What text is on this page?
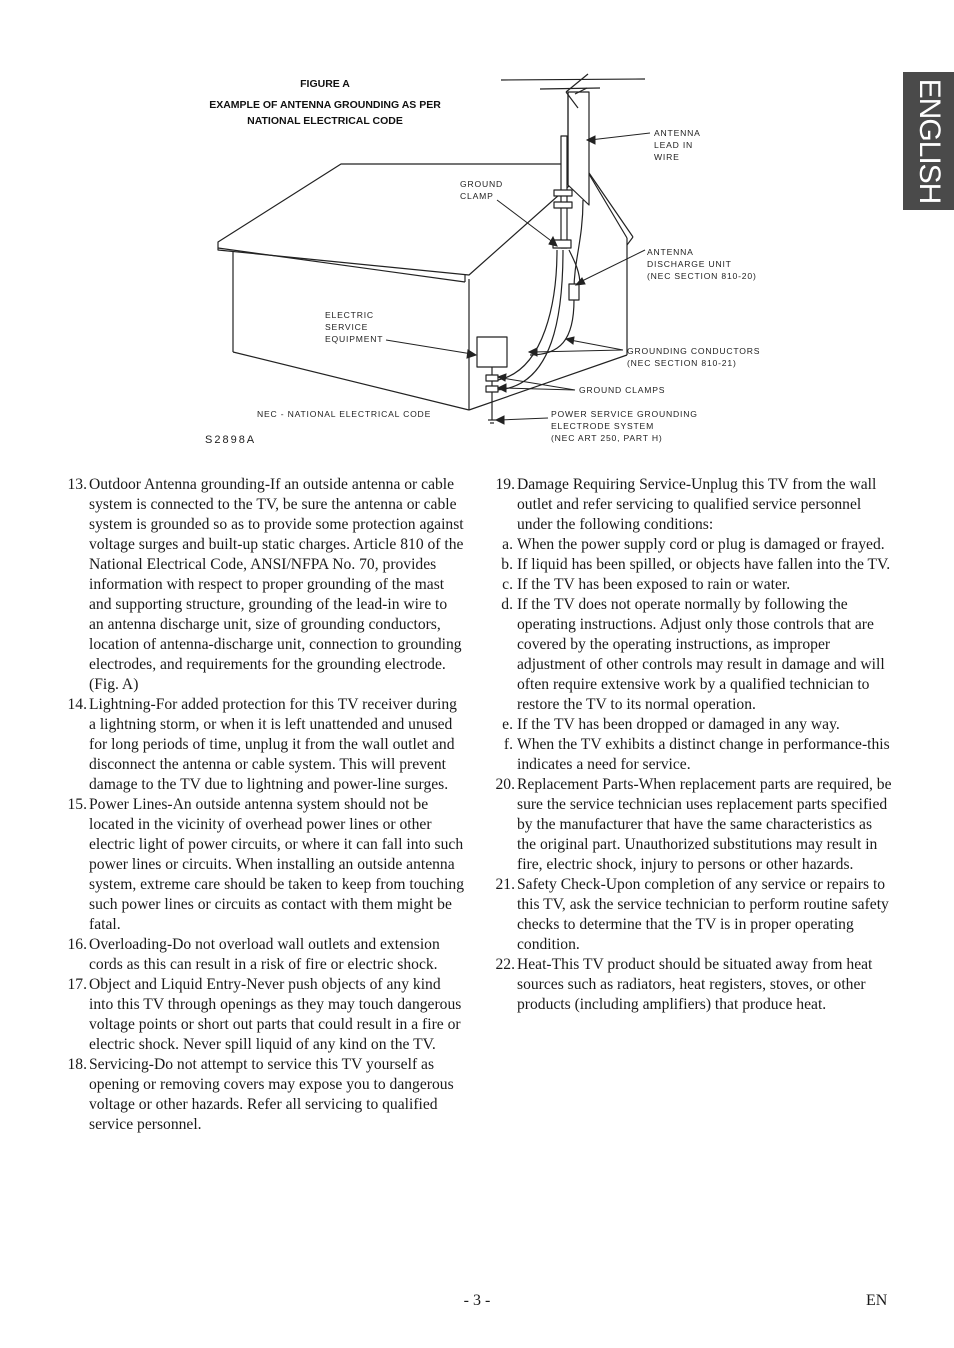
FIGURE A
EXAMPLE OF ANTENNA GROUNDING AS PER
NATIONAL ELECTRICAL CODE
ANTENNA
LEAD IN
WIRE
GROUND
CLAMP
ANTENNA
DISCHARGE UNIT
(NEC SECTION 810-20)
ELECTRIC
SERVICE
EQUIPMENT
GROUNDING CONDUCTORS
(NEC SECTION 810-21)
GROUND CLAMPS
NEC - NATIONAL ELECTRICAL CODE	POWER SERVICE GROUNDING
ELECTRODE SYSTEM
(NEC ART 250, PART H)
S2898A
ENGLISH
13. Outdoor Antenna grounding-If an outside antenna or cable system is connected to the TV, be sure the antenna or cable system is grounded so as to provide some protection against voltage surges and built-up static charges. Article 810 of the National Electrical Code, ANSI/NFPA No. 70, provides information with respect to proper grounding of the mast and supporting structure, grounding of the lead-in wire to an antenna discharge unit, size of grounding conductors, location of antenna-discharge unit, connection to grounding electrodes, and requirements for the grounding electrode. (Fig. A)
14. Lightning-For added protection for this TV receiver during a lightning storm, or when it is left unattended and unused for long periods of time, unplug it from the wall outlet and disconnect the antenna or cable system. This will prevent damage to the TV due to lightning and power-line surges.
15. Power Lines-An outside antenna system should not be located in the vicinity of overhead power lines or other electric light of power circuits, or where it can fall into such power lines or circuits. When installing an outside antenna system, extreme care should be taken to keep from touching such power lines or circuits as contact with them might be fatal.
16. Overloading-Do not overload wall outlets and extension cords as this can result in a risk of fire or electric shock.
17. Object and Liquid Entry-Never push objects of any kind into this TV through openings as they may touch dangerous voltage points or short out parts that could result in a fire or electric shock. Never spill liquid of any kind on the TV.
18. Servicing-Do not attempt to service this TV yourself as opening or removing covers may expose you to dangerous voltage or other hazards. Refer all servicing to qualified service personnel.
19. Damage Requiring Service-Unplug this TV from the wall outlet and refer servicing to qualified service personnel under the following conditions:
a. When the power supply cord or plug is damaged or frayed.
b. If liquid has been spilled, or objects have fallen into the TV.
c. If the TV has been exposed to rain or water.
d. If the TV does not operate normally by following the operating instructions. Adjust only those controls that are covered by the operating instructions, as improper adjustment of other controls may result in damage and will often require extensive work by a qualified technician to restore the TV to its normal operation.
e. If the TV has been dropped or damaged in any way.
f. When the TV exhibits a distinct change in performance-this indicates a need for service.
20. Replacement Parts-When replacement parts are required, be sure the service technician uses replacement parts specified by the manufacturer that have the same characteristics as the original part. Unauthorized substitutions may result in fire, electric shock, injury to persons or other hazards.
21. Safety Check-Upon completion of any service or repairs to this TV, ask the service technician to perform routine safety checks to determine that the TV is in proper operating condition.
22. Heat-This TV product should be situated away from heat sources such as radiators, heat registers, stoves, or other products (including amplifiers) that produce heat.
- 3 -	EN
